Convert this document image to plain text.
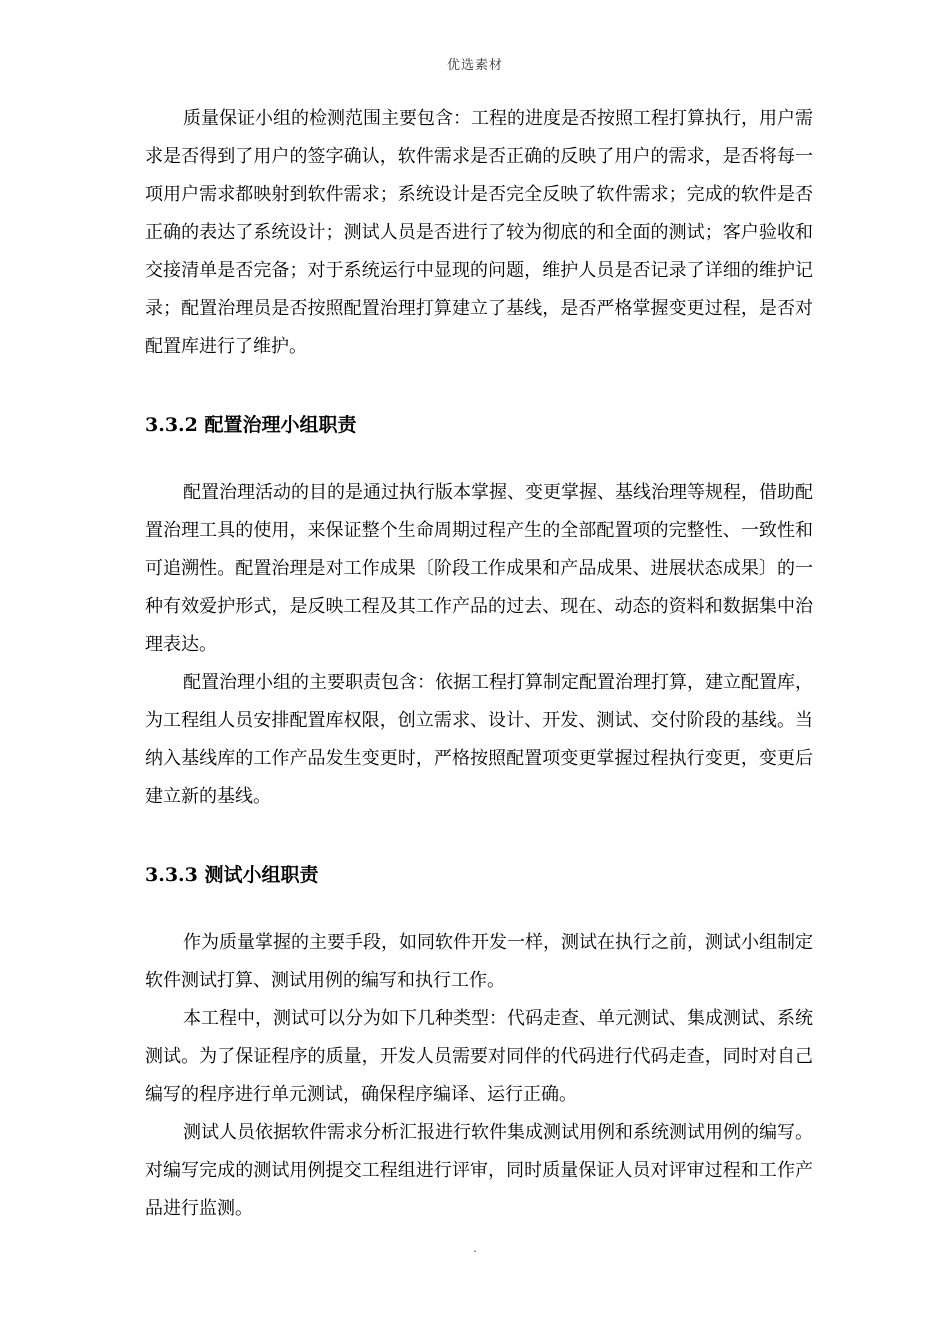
优选素材

质量保证小组的检测范围主要包含：工程的进度是否按照工程打算执行，用户需求是否得到了用户的签字确认，软件需求是否正确的反映了用户的需求，是否将每一项用户需求都映射到软件需求；系统设计是否完全反映了软件需求；完成的软件是否正确的表达了系统设计；测试人员是否进行了较为彻底的和全面的测试；客户验收和交接清单是否完备；对于系统运行中显现的问题，维护人员是否记录了详细的维护记录；配置治理员是否按照配置治理打算建立了基线，是否严格掌握变更过程，是否对配置库进行了维护。

3.3.2 配置治理小组职责

配置治理活动的目的是通过执行版本掌握、变更掌握、基线治理等规程，借助配置治理工具的使用，来保证整个生命周期过程产生的全部配置项的完整性、一致性和可追溯性。配置治理是对工作成果〔阶段工作成果和产品成果、进展状态成果〕的一种有效爱护形式，是反映工程及其工作产品的过去、现在、动态的资料和数据集中治理表达。

配置治理小组的主要职责包含：依据工程打算制定配置治理打算，建立配置库，为工程组人员安排配置库权限，创立需求、设计、开发、测试、交付阶段的基线。当纳入基线库的工作产品发生变更时，严格按照配置项变更掌握过程执行变更，变更后建立新的基线。

3.3.3 测试小组职责

作为质量掌握的主要手段，如同软件开发一样，测试在执行之前，测试小组制定软件测试打算、测试用例的编写和执行工作。

本工程中，测试可以分为如下几种类型：代码走查、单元测试、集成测试、系统测试。为了保证程序的质量，开发人员需要对同伴的代码进行代码走查，同时对自己编写的程序进行单元测试，确保程序编译、运行正确。

测试人员依据软件需求分析汇报进行软件集成测试用例和系统测试用例的编写。对编写完成的测试用例提交工程组进行评审，同时质量保证人员对评审过程和工作产品进行监测。

.
